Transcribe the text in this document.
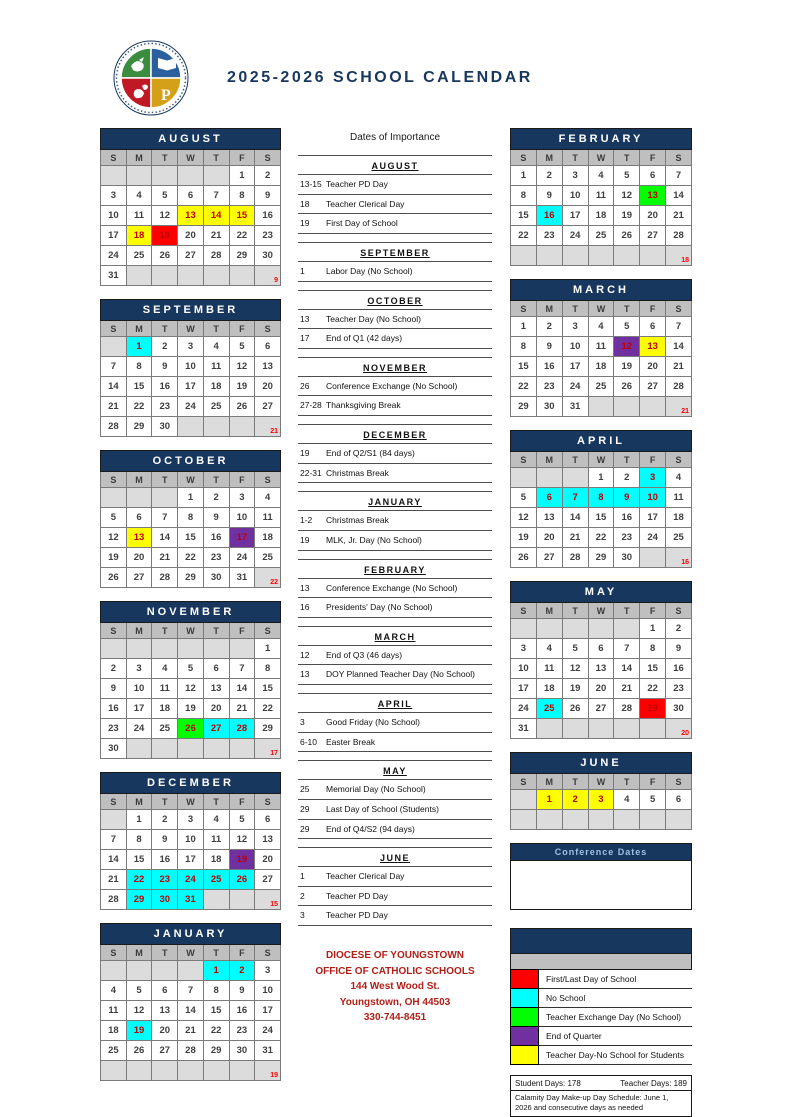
P
2025-2026 SCHOOL CALENDAR
AUGUST						
S	M	T	W	T	F	S
					1	2
3	4	5	6	7	8	9
10	11	12	13	14	15	16
17	18	19	20	21	22	23
24	25	26	27	28	29	30
31						9
SEPTEMBER						
S	M	T	W	T	F	S
	1	2	3	4	5	6
7	8	9	10	11	12	13
14	15	16	17	18	19	20
21	22	23	24	25	26	27
28	29	30				21
OCTOBER						
S	M	T	W	T	F	S
			1	2	3	4
5	6	7	8	9	10	11
12	13	14	15	16	17	18
19	20	21	22	23	24	25
26	27	28	29	30	31	22
NOVEMBER						
S	M	T	W	T	F	S
						1
2	3	4	5	6	7	8
9	10	11	12	13	14	15
16	17	18	19	20	21	22
23	24	25	26	27	28	29
30						17
DECEMBER						
S	M	T	W	T	F	S
	1	2	3	4	5	6
7	8	9	10	11	12	13
14	15	16	17	18	19	20
21	22	23	24	25	26	27
28	29	30	31			15
JANUARY						
S	M	T	W	T	F	S
				1	2	3
4	5	6	7	8	9	10
11	12	13	14	15	16	17
18	19	20	21	22	23	24
25	26	27	28	29	30	31
						19
Dates of Importance
AUGUST
13-15 Teacher PD Day
18	Teacher Clerical Day
19	First Day of School
SEPTEMBER
1	Labor Day (No School)
OCTOBER
13	Teacher Day (No School)
17	End of Q1 (42 days)
NOVEMBER
26	Conference Exchange (No School)
27-28 Thanksgiving Break
DECEMBER
19	End of Q2/S1 (84 days)
22-31 Christmas Break
JANUARY
1-2	Christmas Break
19	MLK, Jr. Day (No School)
FEBRUARY
13	Conference Exchange (No School)
16	Presidents' Day (No School)
MARCH
12	End of Q3 (46 days)
13	DOY Planned Teacher Day (No School)
APRIL
3	Good Friday (No School)
6-10	Easter Break
MAY
25	Memorial Day (No School)
29	Last Day of School (Students)
29	End of Q4/S2 (94 days)
JUNE
1	Teacher Clerical Day
2	Teacher PD Day
3	Teacher PD Day
DIOCESE OF YOUNGSTOWN
OFFICE OF CATHOLIC SCHOOLS
144 West Wood St.
Youngstown, OH 44503
330-744-8451
FEBRUARY						
S	M	T	W	T	F	S
1	2	3	4	5	6	7
8	9	10	11	12	13	14
15	16	17	18	19	20	21
22	23	24	25	26	27	28
						18
MARCH						
S	M	T	W	T	F	S
1	2	3	4	5	6	7
8	9	10	11	12	13	14
15	16	17	18	19	20	21
22	23	24	25	26	27	28
29	30	31				21
APRIL						
S	M	T	W	T	F	S
			1	2	3	4
5	6	7	8	9	10	11
12	13	14	15	16	17	18
19	20	21	22	23	24	25
26	27	28	29	30		16
MAY						
S	M	T	W	T	F	S
					1	2
3	4	5	6	7	8	9
10	11	12	13	14	15	16
17	18	19	20	21	22	23
24	25	26	27	28	29	30
31						20
JUNE						
S	M	T	W	T	F	S
	1	2	3	4	5	6

Conference Dates
First/Last Day of School
No School
Teacher Exchange Day (No School)
End of Quarter
Teacher Day-No School for Students
Student Days: 178	Teacher Days: 189
Calamity Day Make-up Day Schedule: June 1, 2026 and consecutive days as needed
